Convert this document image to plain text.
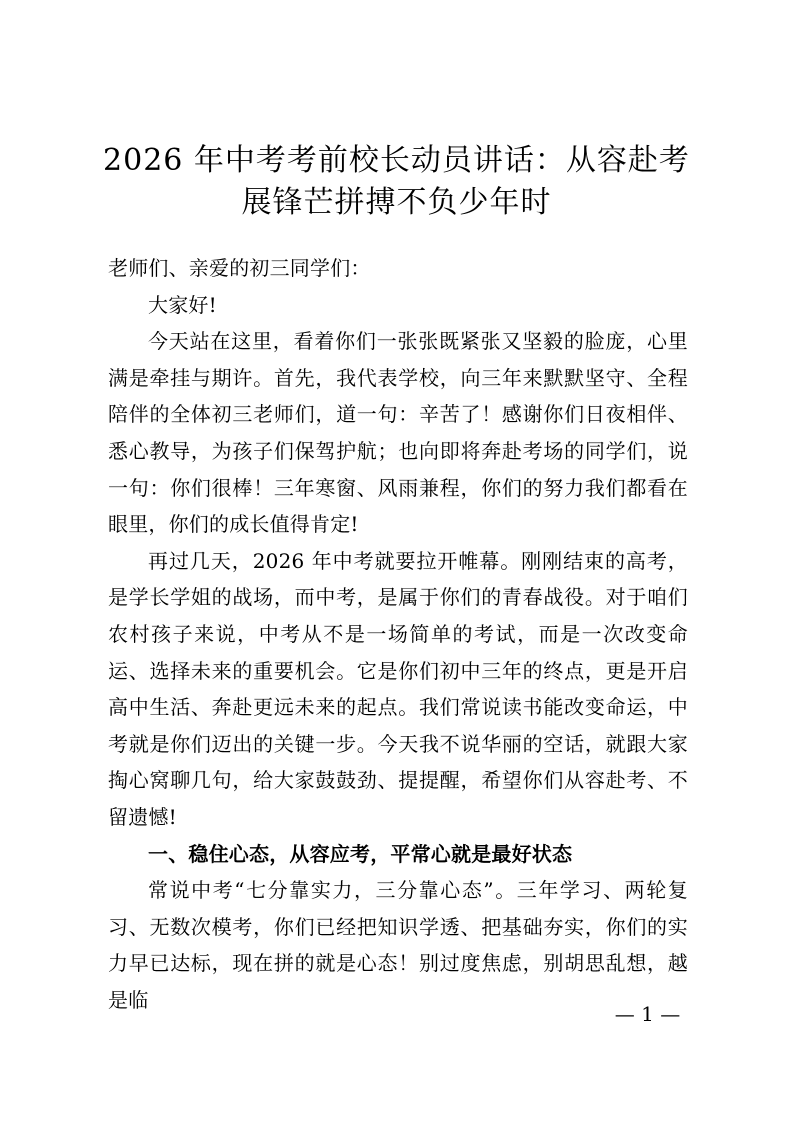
2026 年中考考前校长动员讲话：从容赴考
展锋芒拼搏不负少年时

老师们、亲爱的初三同学们：

大家好!

今天站在这里，看着你们一张张既紧张又坚毅的脸庞，心里满是牵挂与期许。首先，我代表学校，向三年来默默坚守、全程陪伴的全体初三老师们，道一句：辛苦了！感谢你们日夜相伴、悉心教导，为孩子们保驾护航；也向即将奔赴考场的同学们，说一句：你们很棒！三年寒窗、风雨兼程，你们的努力我们都看在眼里，你们的成长值得肯定!

再过几天，2026 年中考就要拉开帷幕。刚刚结束的高考，是学长学姐的战场，而中考，是属于你们的青春战役。对于咱们农村孩子来说，中考从不是一场简单的考试，而是一次改变命运、选择未来的重要机会。它是你们初中三年的终点，更是开启高中生活、奔赴更远未来的起点。我们常说读书能改变命运，中考就是你们迈出的关键一步。今天我不说华丽的空话，就跟大家掏心窝聊几句，给大家鼓鼓劲、提提醒，希望你们从容赴考、不留遗憾!

一、稳住心态，从容应考，平常心就是最好状态

常说中考“七分靠实力，三分靠心态”。三年学习、两轮复习、无数次模考，你们已经把知识学透、把基础夯实，你们的实力早已达标，现在拼的就是心态！别过度焦虑，别胡思乱想，越是临

— 1 —
